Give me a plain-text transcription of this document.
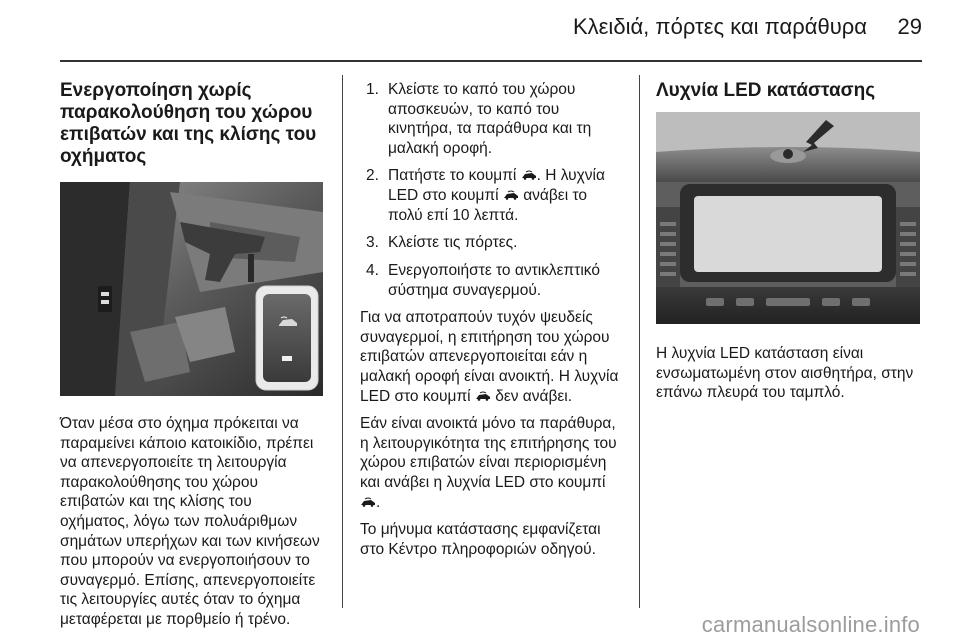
Κλειδιά, πόρτες και παράθυρα 29
Ενεργοποίηση χωρίς παρακολούθηση του χώρου επιβατών και της κλίσης του οχήματος

Όταν μέσα στο όχημα πρόκειται να παραμείνει κάποιο κατοικίδιο, πρέπει να απενεργοποιείτε τη λειτουργία παρακολούθησης του χώρου επιβατών και της κλίσης του οχήματος, λόγω των πολυάριθμων σημάτων υπερήχων και των κινήσεων που μπορούν να ενεργοποιήσουν το συναγερμό. Επίσης, απενεργοποιείτε τις λειτουργίες αυτές όταν το όχημα μεταφέρεται με πορθμείο ή τρένο.

1. Κλείστε το καπό του χώρου αποσκευών, το καπό του κινητήρα, τα παράθυρα και τη μαλακή οροφή.
2. Πατήστε το κουμπί . Η λυχνία LED στο κουμπί  ανάβει το πολύ επί 10 λεπτά.
3. Κλείστε τις πόρτες.
4. Ενεργοποιήστε το αντικλεπτικό σύστημα συναγερμού.

Για να αποτραπούν τυχόν ψευδείς συναγερμοί, η επιτήρηση του χώρου επιβατών απενεργοποιείται εάν η μαλακή οροφή είναι ανοικτή. Η λυχνία LED στο κουμπί  δεν ανάβει.

Εάν είναι ανοικτά μόνο τα παράθυρα, η λειτουργικότητα της επιτήρησης του χώρου επιβατών είναι περιορισμένη και ανάβει η λυχνία LED στο κουμπί .

Το μήνυμα κατάστασης εμφανίζεται στο Κέντρο πληροφοριών οδηγού.

Λυχνία LED κατάστασης

Η λυχνία LED κατάσταση είναι ενσωματωμένη στον αισθητήρα, στην επάνω πλευρά του ταμπλό.

carmanualsonline.info
